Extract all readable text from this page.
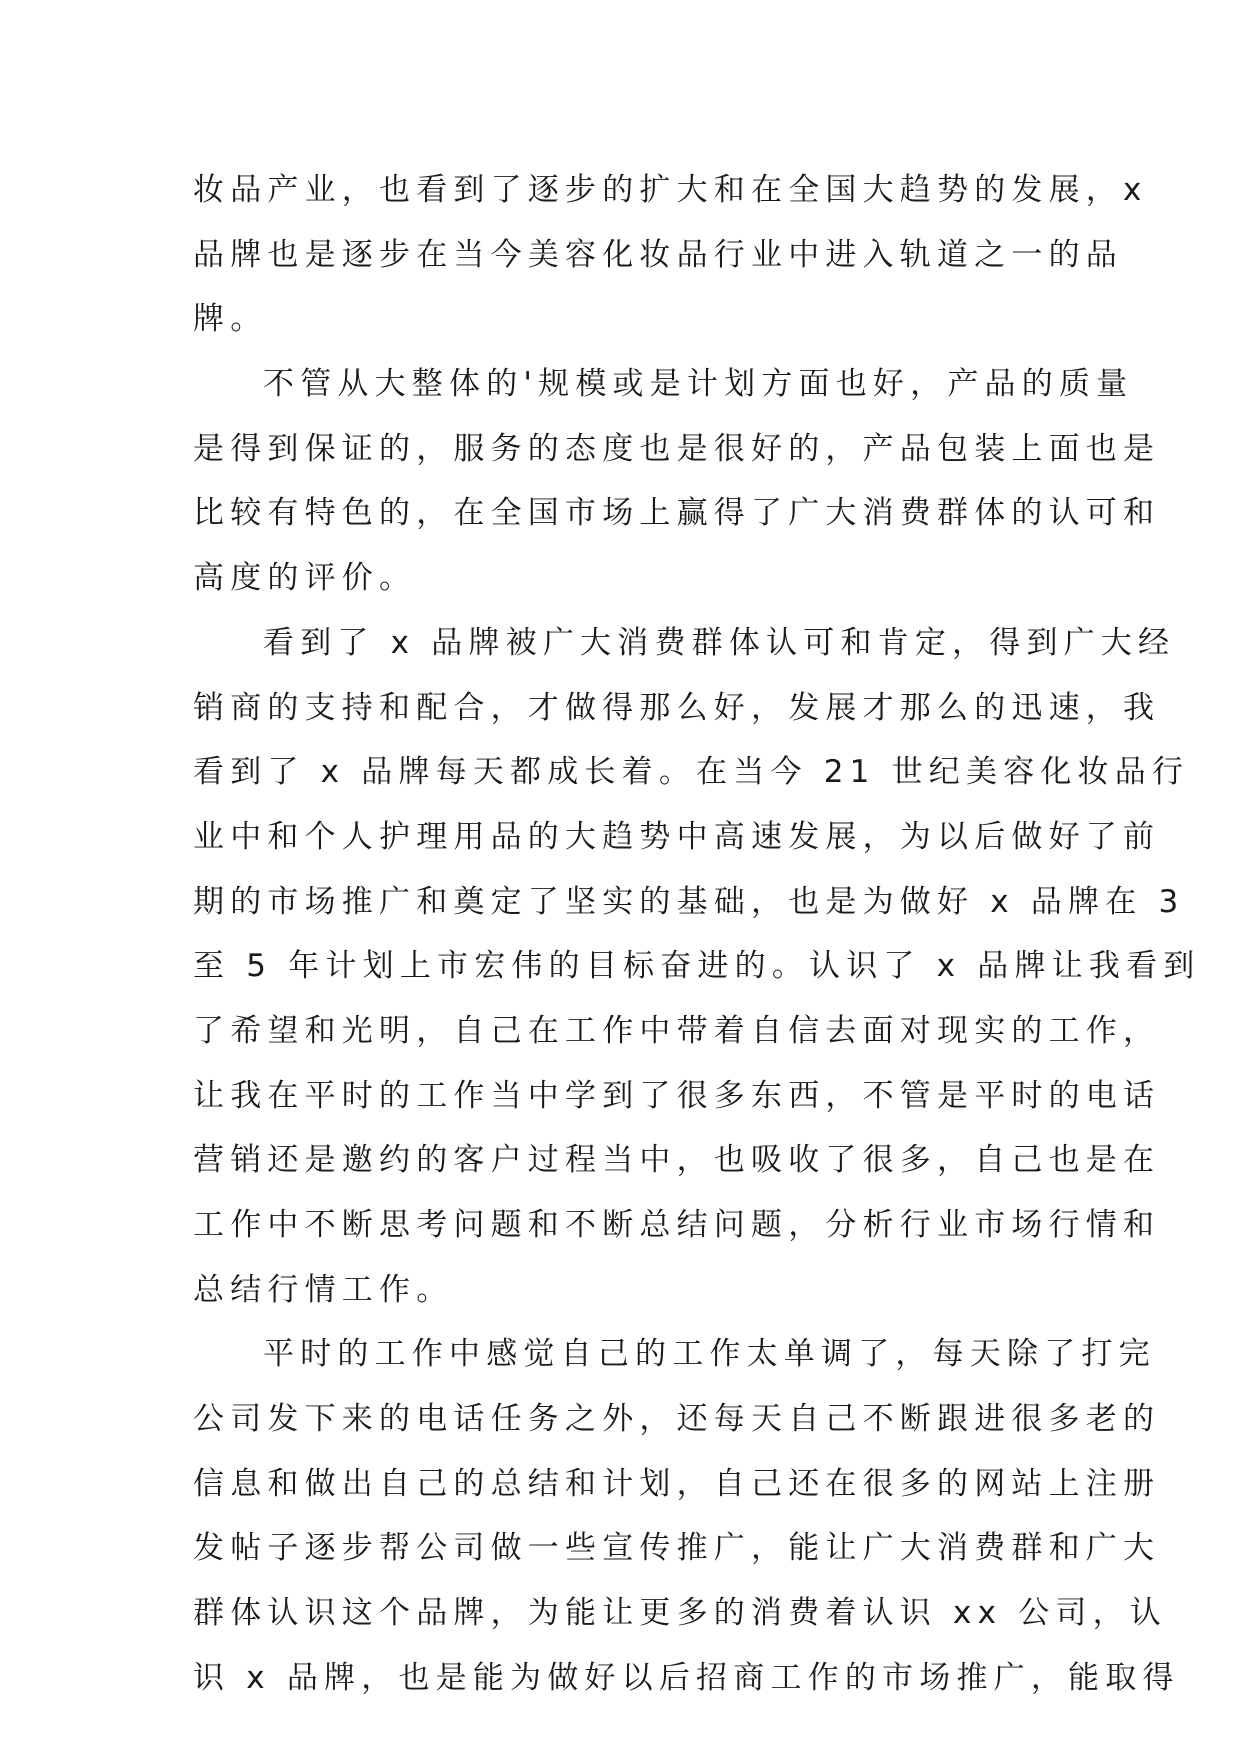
妆品产业，也看到了逐步的扩大和在全国大趋势的发展，x
品牌也是逐步在当今美容化妆品行业中进入轨道之一的品
牌。
不管从大整体的'规模或是计划方面也好，产品的质量
是得到保证的，服务的态度也是很好的，产品包装上面也是
比较有特色的，在全国市场上赢得了广大消费群体的认可和
高度的评价。
看到了 x 品牌被广大消费群体认可和肯定，得到广大经
销商的支持和配合，才做得那么好，发展才那么的迅速，我
看到了 x 品牌每天都成长着。在当今 21 世纪美容化妆品行
业中和个人护理用品的大趋势中高速发展，为以后做好了前
期的市场推广和奠定了坚实的基础，也是为做好 x 品牌在 3
至 5 年计划上市宏伟的目标奋进的。认识了 x 品牌让我看到
了希望和光明，自己在工作中带着自信去面对现实的工作，
让我在平时的工作当中学到了很多东西，不管是平时的电话
营销还是邀约的客户过程当中，也吸收了很多，自己也是在
工作中不断思考问题和不断总结问题，分析行业市场行情和
总结行情工作。
平时的工作中感觉自己的工作太单调了，每天除了打完
公司发下来的电话任务之外，还每天自己不断跟进很多老的
信息和做出自己的总结和计划，自己还在很多的网站上注册
发帖子逐步帮公司做一些宣传推广，能让广大消费群和广大
群体认识这个品牌，为能让更多的消费着认识 xx 公司，认
识 x 品牌，也是能为做好以后招商工作的市场推广，能取得
